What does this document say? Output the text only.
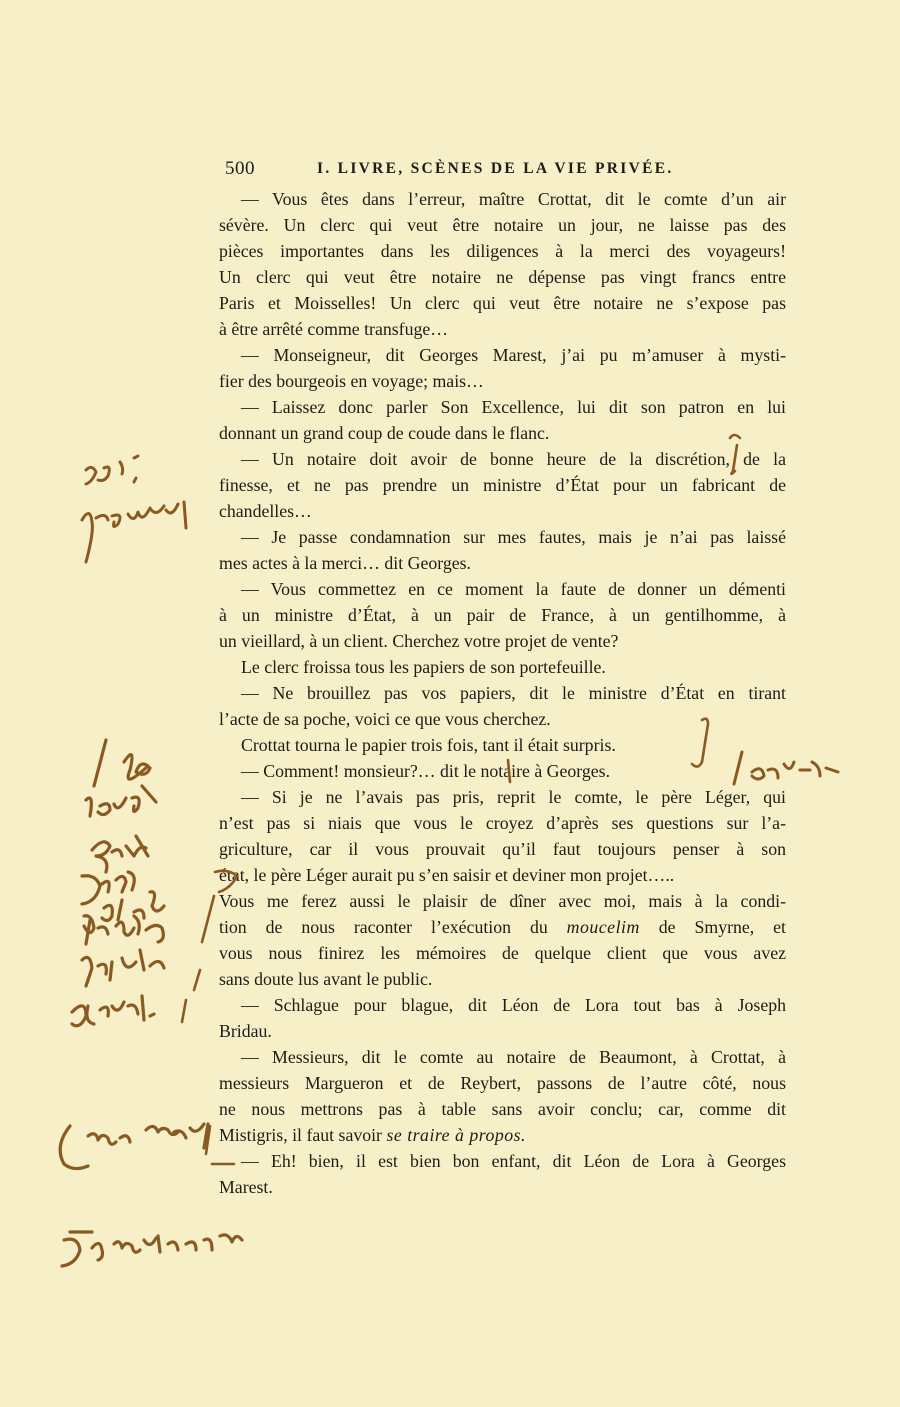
500	I. LIVRE, SCÈNES DE LA VIE PRIVÉE.
— Vous êtes dans l’erreur, maître Crottat, dit le comte d’un air
sévère. Un clerc qui veut être notaire un jour, ne laisse pas des
pièces importantes dans les diligences à la merci des voyageurs!
Un clerc qui veut être notaire ne dépense pas vingt francs entre
Paris et Moisselles! Un clerc qui veut être notaire ne s’expose pas
à être arrêté comme transfuge…
— Monseigneur, dit Georges Marest, j’ai pu m’amuser à mysti-
fier des bourgeois en voyage; mais…
— Laissez donc parler Son Excellence, lui dit son patron en lui
donnant un grand coup de coude dans le flanc.
— Un notaire doit avoir de bonne heure de la discrétion, de la
finesse, et ne pas prendre un ministre d’État pour un fabricant de
chandelles…
— Je passe condamnation sur mes fautes, mais je n’ai pas laissé
mes actes à la merci… dit Georges.
— Vous commettez en ce moment la faute de donner un démenti
à un ministre d’État, à un pair de France, à un gentilhomme, à
un vieillard, à un client. Cherchez votre projet de vente?
Le clerc froissa tous les papiers de son portefeuille.
— Ne brouillez pas vos papiers, dit le ministre d’État en tirant
l’acte de sa poche, voici ce que vous cherchez.
Crottat tourna le papier trois fois, tant il était surpris.
— Comment! monsieur?… dit le notaire à Georges.
— Si je ne l’avais pas pris, reprit le comte, le père Léger, qui
n’est pas si niais que vous le croyez d’après ses questions sur l’a-
griculture, car il vous prouvait qu’il faut toujours penser à son
état, le père Léger aurait pu s’en saisir et deviner mon projet…..
Vous me ferez aussi le plaisir de dîner avec moi, mais à la condi-
tion de nous raconter l’exécution du moucelim de Smyrne, et
vous nous finirez les mémoires de quelque client que vous avez
sans doute lus avant le public.
— Schlague pour blague, dit Léon de Lora tout bas à Joseph
Bridau.
— Messieurs, dit le comte au notaire de Beaumont, à Crottat, à
messieurs Margueron et de Reybert, passons de l’autre côté, nous
ne nous mettrons pas à table sans avoir conclu; car, comme dit
Mistigris, il faut savoir se traire à propos.
— Eh! bien, il est bien bon enfant, dit Léon de Lora à Georges
Marest.
